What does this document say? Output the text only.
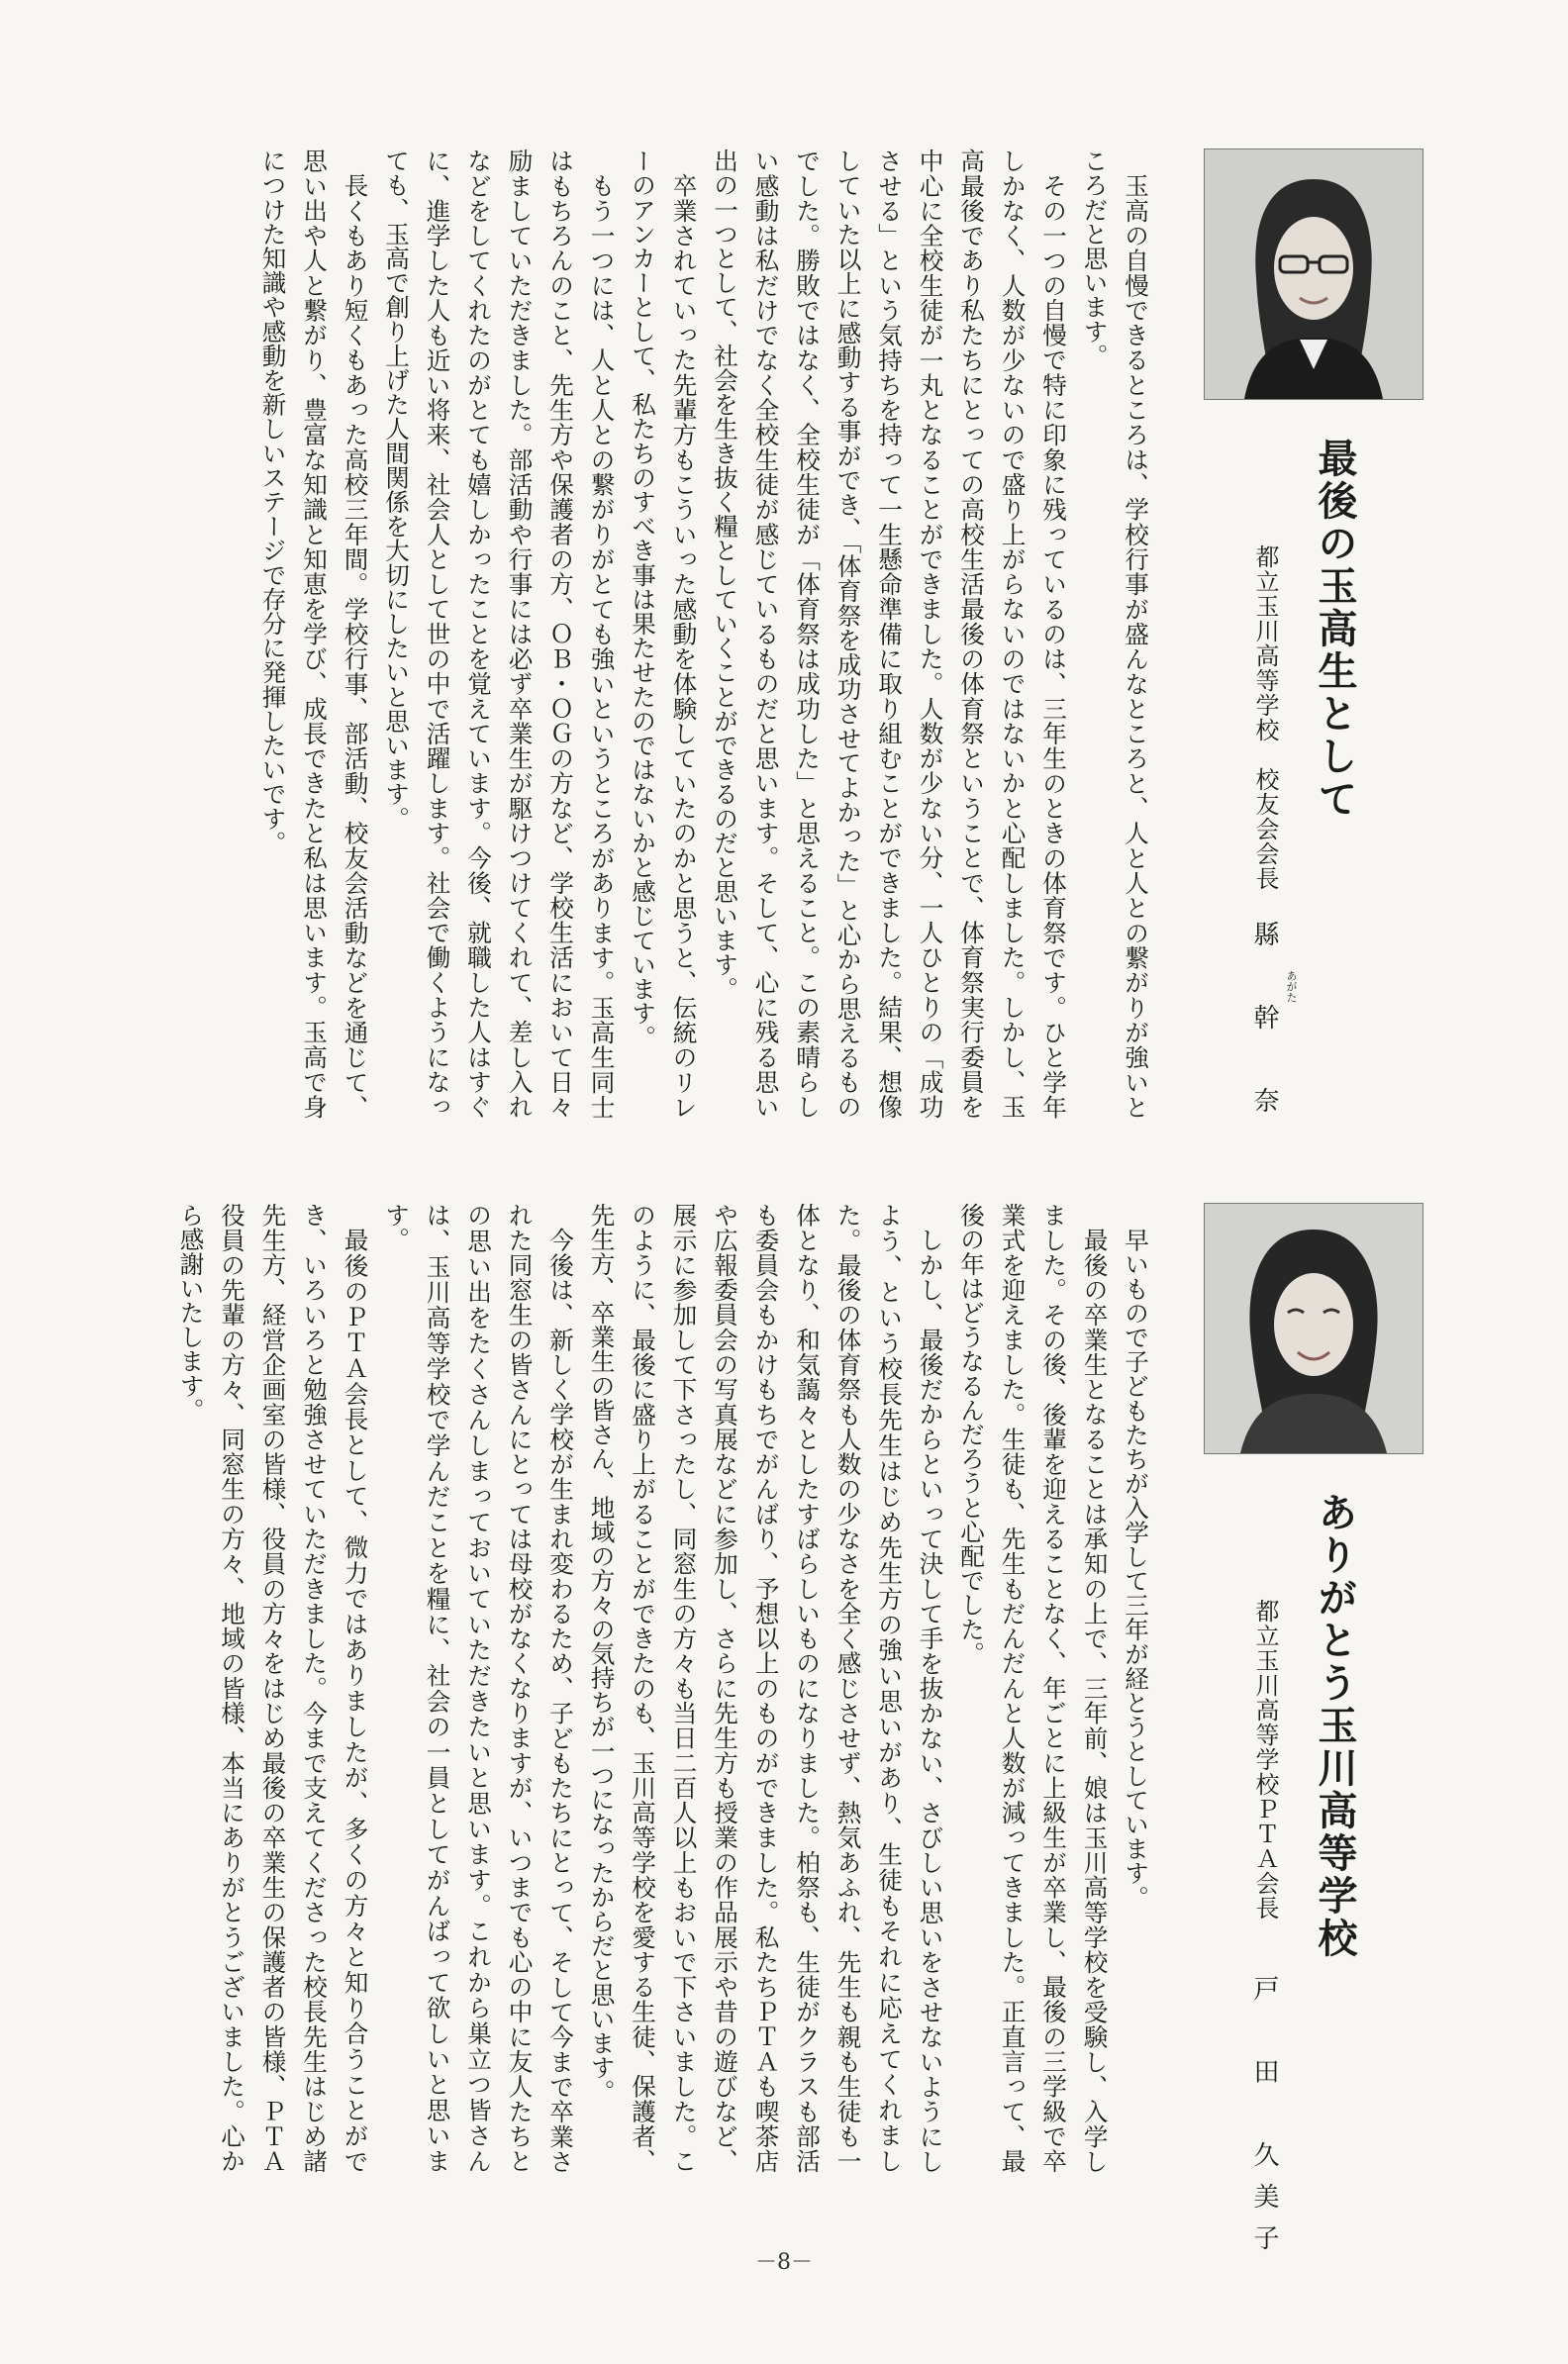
最後の玉高生として
都立玉川高等学校　校友会会長
あがた
縣　幹　奈

玉高の自慢できるところは、学校行事が盛んなところと、人と人との繋がりが強いところだと思います。

その一つの自慢で特に印象に残っているのは、三年生のときの体育祭です。ひと学年しかなく、人数が少ないので盛り上がらないのではないかと心配しました。しかし、玉高最後であり私たちにとっての高校生活最後の体育祭ということで、体育祭実行委員を中心に全校生徒が一丸となることができました。人数が少ない分、一人ひとりの「成功させる」という気持ちを持って一生懸命準備に取り組むことができました。結果、想像していた以上に感動する事ができ、「体育祭を成功させてよかった」と心から思えるものでした。勝敗ではなく、全校生徒が「体育祭は成功した」と思えること。この素晴らしい感動は私だけでなく全校生徒が感じているものだと思います。そして、心に残る思い出の一つとして、社会を生き抜く糧としていくことができるのだと思います。

卒業されていった先輩方もこういった感動を体験していたのかと思うと、伝統のリレーのアンカーとして、私たちのすべき事は果たせたのではないかと感じています。

もう一つには、人と人との繋がりがとても強いというところがあります。玉高生同士はもちろんのこと、先生方や保護者の方、ＯＢ・ＯＧの方など、学校生活において日々励ましていただきました。部活動や行事には必ず卒業生が駆けつけてくれて、差し入れなどをしてくれたのがとても嬉しかったことを覚えています。今後、就職した人はすぐに、進学した人も近い将来、社会人として世の中で活躍します。社会で働くようになっても、玉高で創り上げた人間関係を大切にしたいと思います。

長くもあり短くもあった高校三年間。学校行事、部活動、校友会活動などを通じて、思い出や人と繋がり、豊富な知識と知恵を学び、成長できたと私は思います。玉高で身につけた知識や感動を新しいステージで存分に発揮したいです。

ありがとう玉川高等学校
都立玉川高等学校ＰＴＡ会長
戸　田　久美子

早いもので子どもたちが入学して三年が経とうとしています。

最後の卒業生となることは承知の上で、三年前、娘は玉川高等学校を受験し、入学しました。その後、後輩を迎えることなく、年ごとに上級生が卒業し、最後の三学級で卒業式を迎えました。生徒も、先生もだんだんと人数が減ってきました。正直言って、最後の年はどうなるんだろうと心配でした。

しかし、最後だからといって決して手を抜かない、さびしい思いをさせないようにしよう、という校長先生はじめ先生方の強い思いがあり、生徒もそれに応えてくれました。最後の体育祭も人数の少なさを全く感じさせず、熱気あふれ、先生も親も生徒も一体となり、和気藹々としたすばらしいものになりました。柏祭も、生徒がクラスも部活も委員会もかけもちでがんばり、予想以上のものができました。私たちＰＴＡも喫茶店や広報委員会の写真展などに参加し、さらに先生方も授業の作品展示や昔の遊びなど、展示に参加して下さったし、同窓生の方々も当日二百人以上もおいで下さいました。このように、最後に盛り上がることができたのも、玉川高等学校を愛する生徒、保護者、先生方、卒業生の皆さん、地域の方々の気持ちが一つになったからだと思います。

今後は、新しく学校が生まれ変わるため、子どもたちにとって、そして今まで卒業された同窓生の皆さんにとっては母校がなくなりますが、いつまでも心の中に友人たちとの思い出をたくさんしまっておいていただきたいと思います。これから巣立つ皆さんは、玉川高等学校で学んだことを糧に、社会の一員としてがんばって欲しいと思います。

最後のＰＴＡ会長として、微力ではありましたが、多くの方々と知り合うことができ、いろいろと勉強させていただきました。今まで支えてくださった校長先生はじめ諸先生方、経営企画室の皆様、役員の方々をはじめ最後の卒業生の保護者の皆様、ＰＴＡ役員の先輩の方々、同窓生の方々、地域の皆様、本当にありがとうございました。心から感謝いたします。

－8－
